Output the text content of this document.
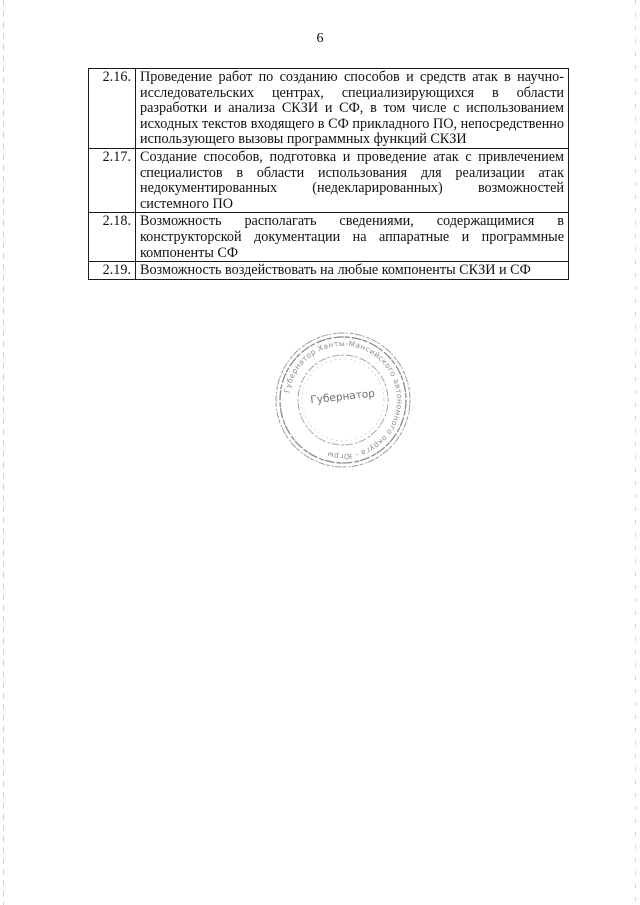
6
2.16.	Проведение работ по созданию способов и средств атак в научно-исследовательских центрах, специализирующихся в области разработки и анализа СКЗИ и СФ, в том числе с использованием исходных текстов входящего в СФ прикладного ПО, непосредственно использующего вызовы программных функций СКЗИ
2.17.	Создание способов, подготовка и проведение атак с привлечением специалистов в области использования для реализации атак недокументированных (недекларированных) возможностей системного ПО
2.18.	Возможность располагать сведениями, содержащимися в конструкторской документации на аппаратные и программные компоненты СФ
2.19.	Возможность воздействовать на любые компоненты СКЗИ и СФ
Губернатор Ханты-Мансийского автономного округа - Югры
Губернатор
